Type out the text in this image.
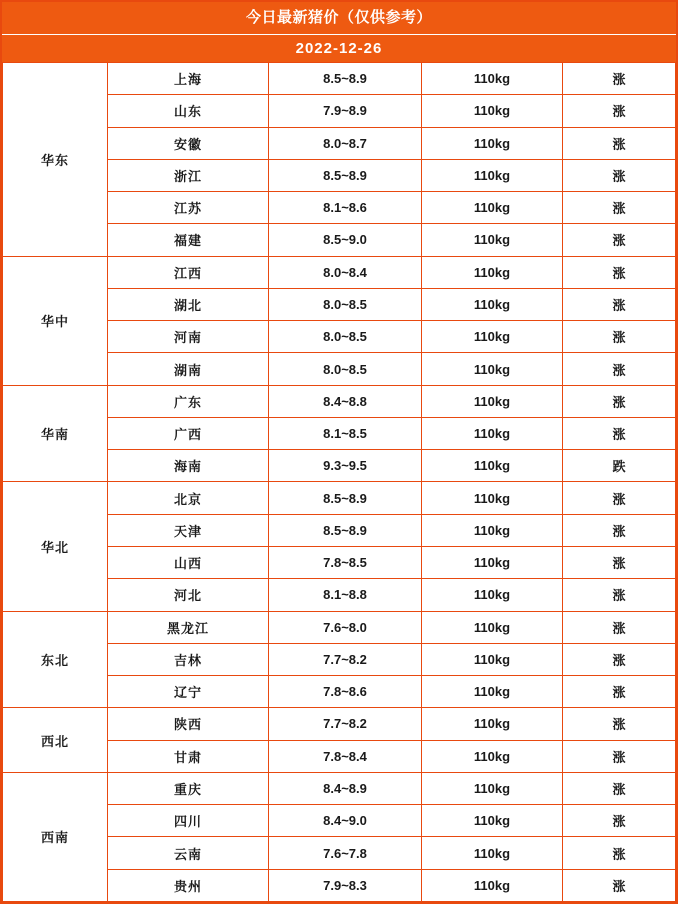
今日最新猪价（仅供参考）
2022-12-26
华东	上海	8.5~8.9	110kg	涨
	山东	7.9~8.9	110kg	涨
	安徽	8.0~8.7	110kg	涨
	浙江	8.5~8.9	110kg	涨
	江苏	8.1~8.6	110kg	涨
	福建	8.5~9.0	110kg	涨
华中	江西	8.0~8.4	110kg	涨
	湖北	8.0~8.5	110kg	涨
	河南	8.0~8.5	110kg	涨
	湖南	8.0~8.5	110kg	涨
华南	广东	8.4~8.8	110kg	涨
	广西	8.1~8.5	110kg	涨
	海南	9.3~9.5	110kg	跌
华北	北京	8.5~8.9	110kg	涨
	天津	8.5~8.9	110kg	涨
	山西	7.8~8.5	110kg	涨
	河北	8.1~8.8	110kg	涨
东北	黑龙江	7.6~8.0	110kg	涨
	吉林	7.7~8.2	110kg	涨
	辽宁	7.8~8.6	110kg	涨
西北	陕西	7.7~8.2	110kg	涨
	甘肃	7.8~8.4	110kg	涨
西南	重庆	8.4~8.9	110kg	涨
	四川	8.4~9.0	110kg	涨
	云南	7.6~7.8	110kg	涨
	贵州	7.9~8.3	110kg	涨
